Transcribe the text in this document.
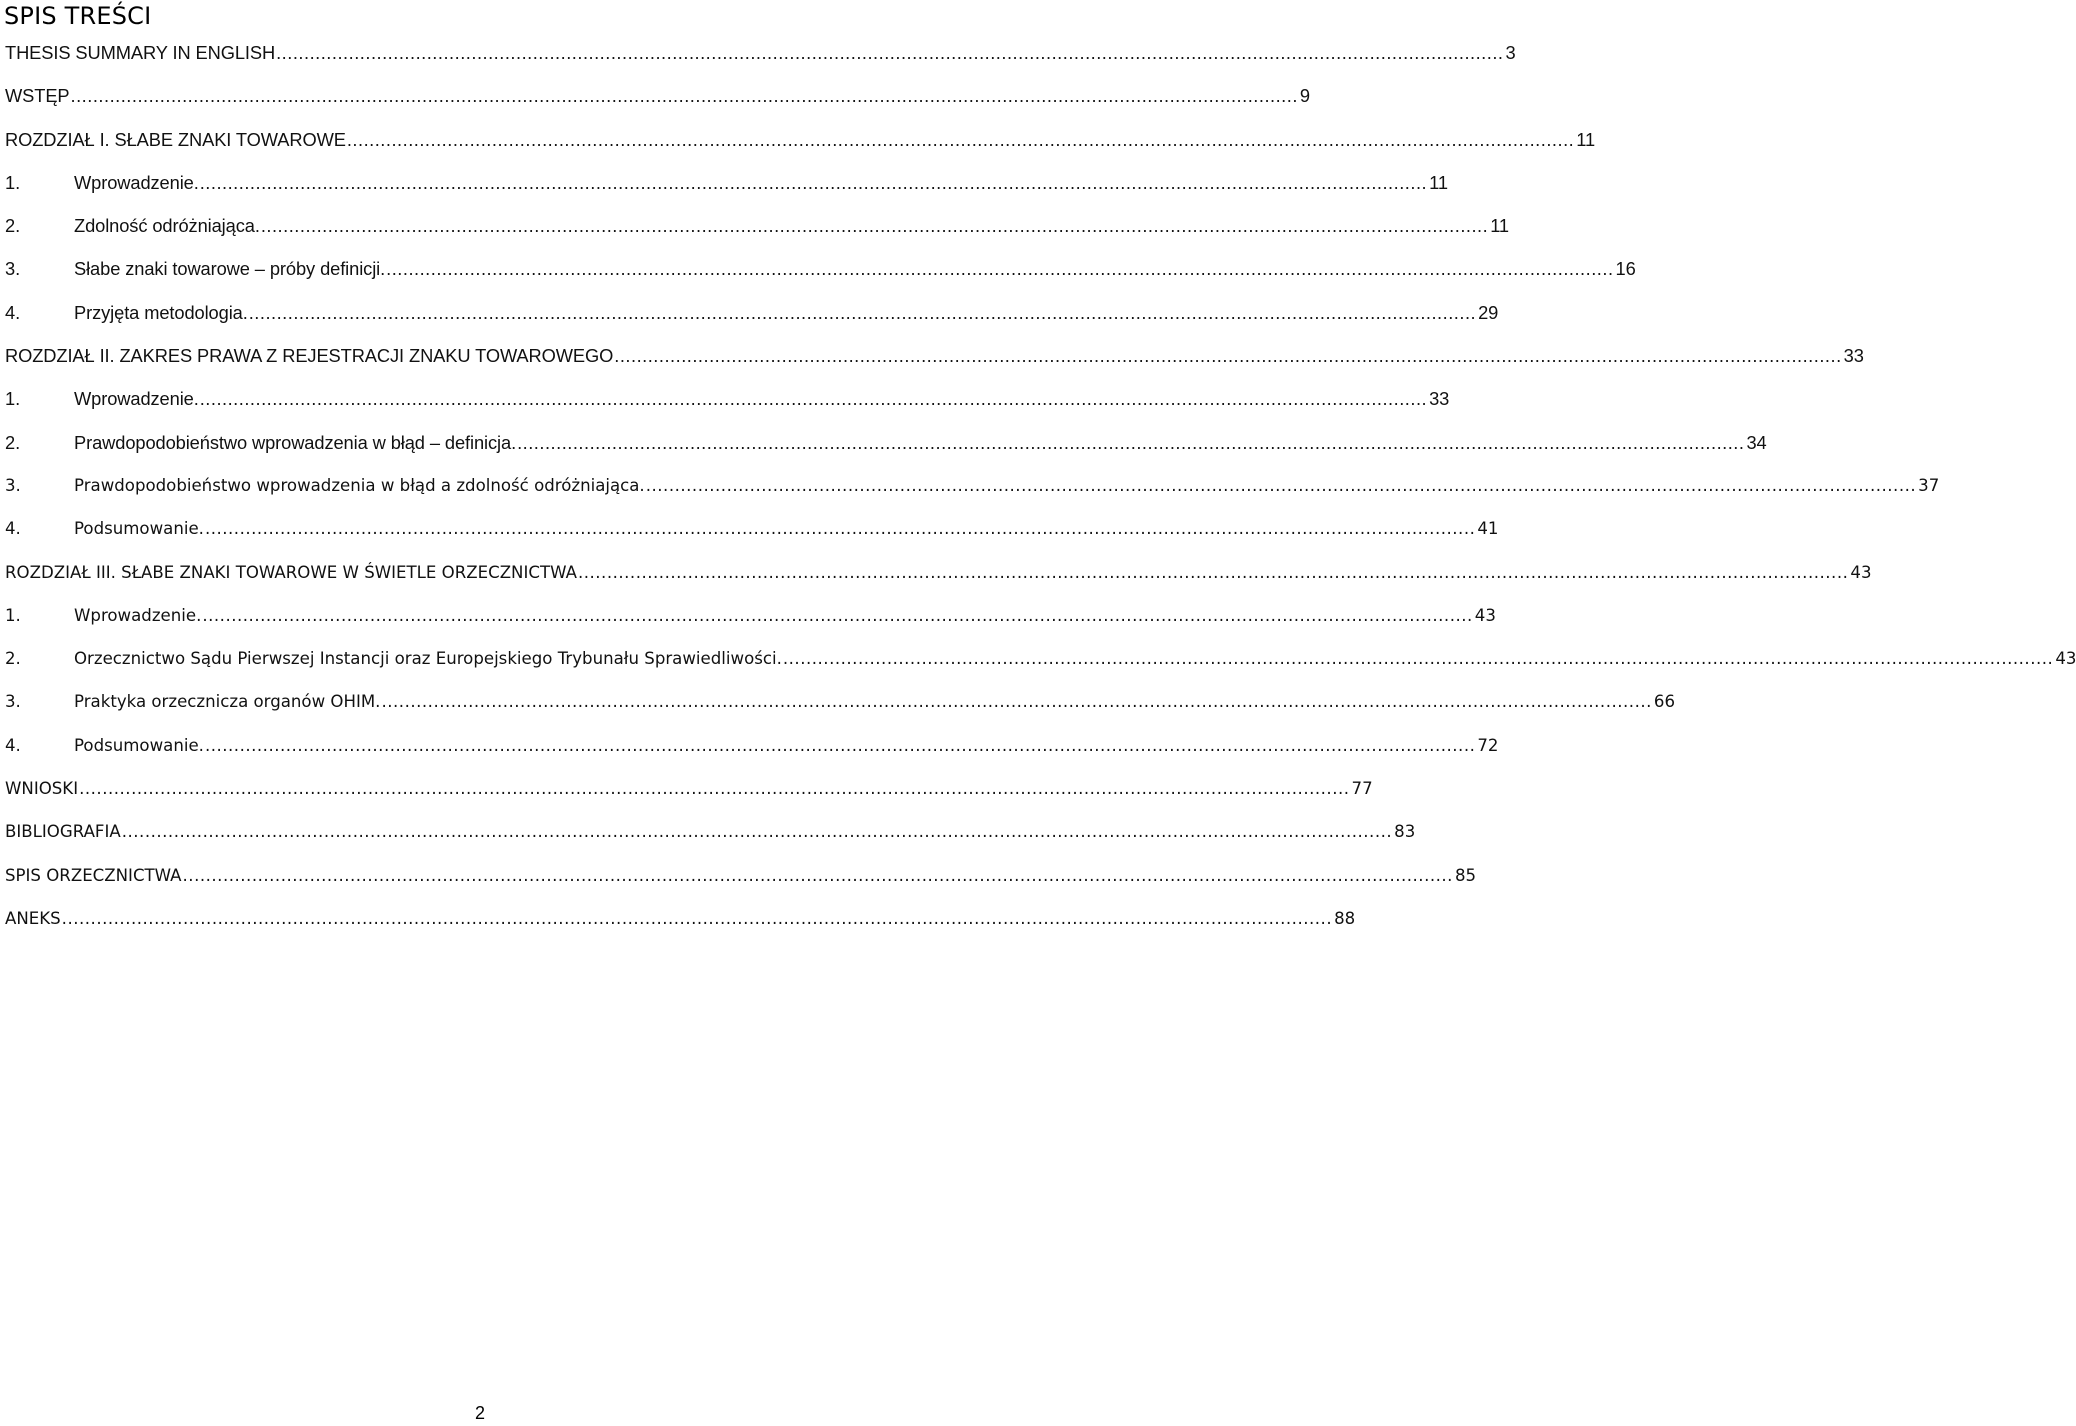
SPIS TREŚCI
THESIS SUMMARY IN ENGLISH ............................................................................................................................................................................................................................ 3
WSTĘP ............................................................................................................................................................................................................................ 9
ROZDZIAŁ I. SŁABE ZNAKI TOWAROWE ............................................................................................................................................................................................................................ 11
1.	Wprowadzenie. ............................................................................................................................................................................................................................ 11
2.	Zdolność odróżniająca. ............................................................................................................................................................................................................................ 11
3.	Słabe znaki towarowe – próby definicji. ............................................................................................................................................................................................................................ 16
4.	Przyjęta metodologia. ............................................................................................................................................................................................................................ 29
ROZDZIAŁ II. ZAKRES PRAWA Z REJESTRACJI ZNAKU TOWAROWEGO ............................................................................................................................................................................................................................ 33
1.	Wprowadzenie. ............................................................................................................................................................................................................................ 33
2.	Prawdopodobieństwo wprowadzenia w błąd – definicja. ............................................................................................................................................................................................................................ 34
3.	Prawdopodobieństwo wprowadzenia w błąd a zdolność odróżniająca. ............................................................................................................................................................................................................................ 37
4.	Podsumowanie. ............................................................................................................................................................................................................................ 41
ROZDZIAŁ III. SŁABE ZNAKI TOWAROWE W ŚWIETLE ORZECZNICTWA ............................................................................................................................................................................................................................ 43
1.	Wprowadzenie. ............................................................................................................................................................................................................................ 43
2.	Orzecznictwo Sądu Pierwszej Instancji oraz Europejskiego Trybunału Sprawiedliwości. ............................................................................................................................................................................................................................ 43
3.	Praktyka orzecznicza organów OHIM. ............................................................................................................................................................................................................................ 66
4.	Podsumowanie. ............................................................................................................................................................................................................................ 72
WNIOSKI ............................................................................................................................................................................................................................ 77
BIBLIOGRAFIA ............................................................................................................................................................................................................................ 83
SPIS ORZECZNICTWA ............................................................................................................................................................................................................................ 85
ANEKS ............................................................................................................................................................................................................................ 88
2
